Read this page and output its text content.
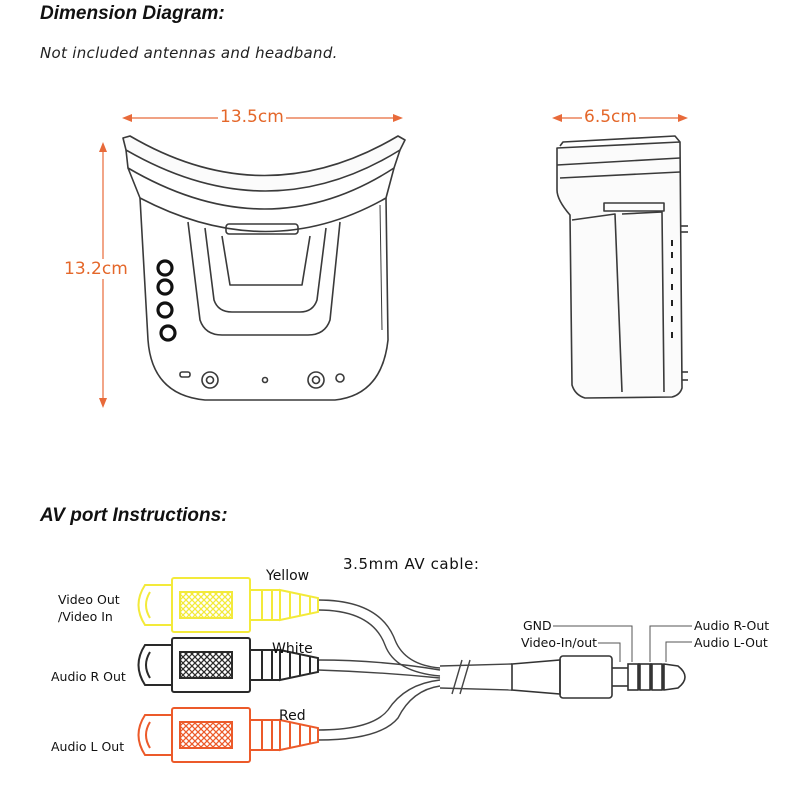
Dimension Diagram:
Not included antennas and headband.
AV port Instructions:
13.5cm
13.2cm
6.5cm
3.5mm AV cable:
Yellow
White
Red
Video Out
/Video In
Audio R Out
Audio L Out
GND
Video-In/out
Audio R-Out
Audio L-Out
